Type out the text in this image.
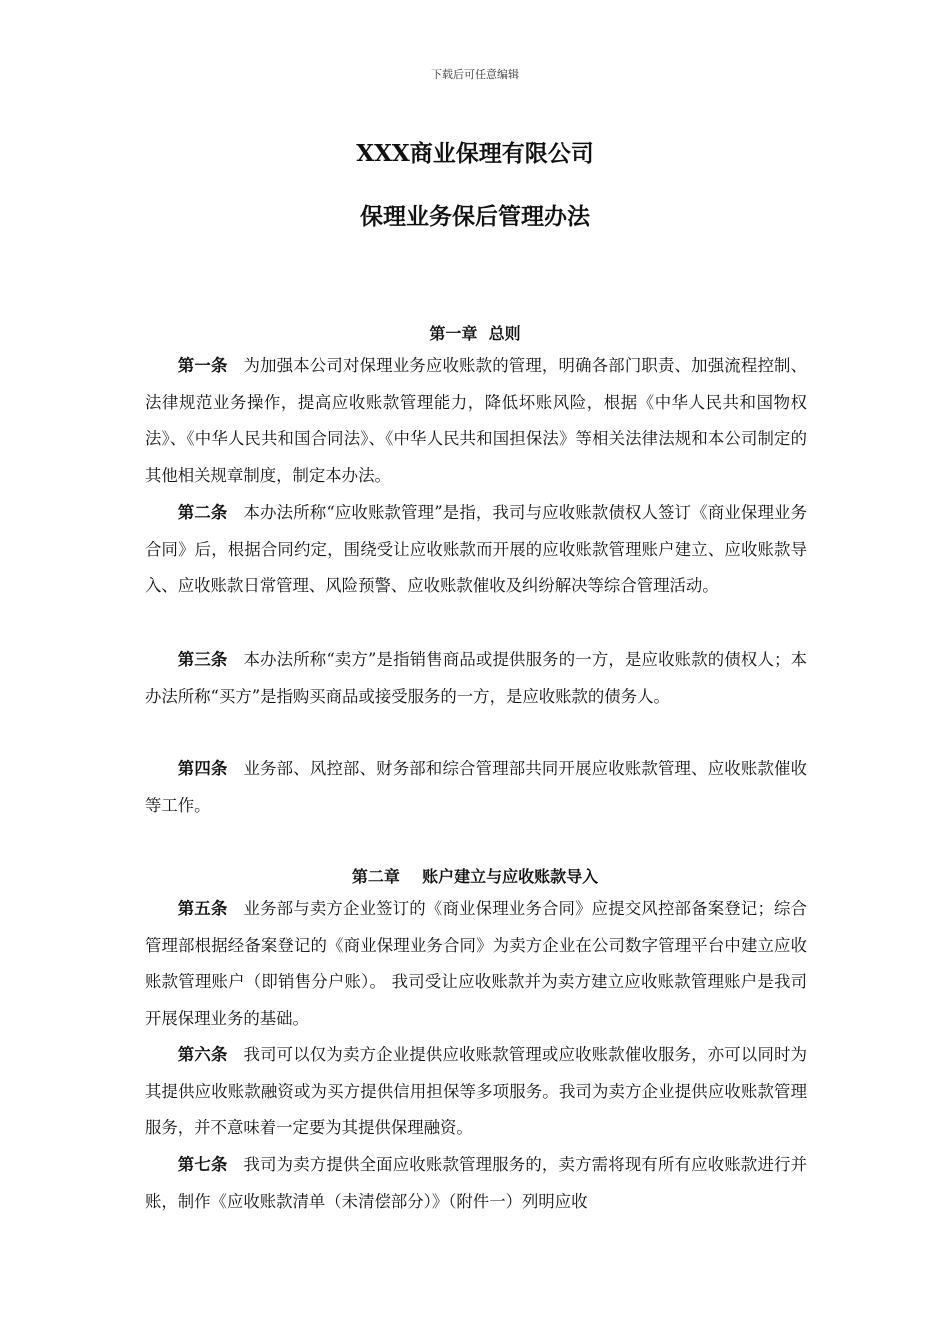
下载后可任意编辑
XXX商业保理有限公司
保理业务保后管理办法
第一章  总则

第一条 为加强本公司对保理业务应收账款的管理，明确各部门职责、加强流程控制、法律规范业务操作，提高应收账款管理能力，降低坏账风险，根据《中华人民共和国物权法》、《中华人民共和国合同法》、《中华人民共和国担保法》等相关法律法规和本公司制定的其他相关规章制度，制定本办法。

第二条 本办法所称“应收账款管理”是指，我司与应收账款债权人签订《商业保理业务合同》后，根据合同约定，围绕受让应收账款而开展的应收账款管理账户建立、应收账款导入、应收账款日常管理、风险预警、应收账款催收及纠纷解决等综合管理活动。

第三条 本办法所称“卖方”是指销售商品或提供服务的一方，是应收账款的债权人；本办法所称“买方”是指购买商品或接受服务的一方，是应收账款的债务人。

第四条 业务部、风控部、财务部和综合管理部共同开展应收账款管理、应收账款催收等工作。

第二章    账户建立与应收账款导入

第五条 业务部与卖方企业签订的《商业保理业务合同》应提交风控部备案登记；综合管理部根据经备案登记的《商业保理业务合同》为卖方企业在公司数字管理平台中建立应收账款管理账户（即销售分户账）。 我司受让应收账款并为卖方建立应收账款管理账户是我司开展保理业务的基础。

第六条 我司可以仅为卖方企业提供应收账款管理或应收账款催收服务，亦可以同时为其提供应收账款融资或为买方提供信用担保等多项服务。我司为卖方企业提供应收账款管理服务，并不意味着一定要为其提供保理融资。

第七条 我司为卖方提供全面应收账款管理服务的，卖方需将现有所有应收账款进行并账，制作《应收账款清单（未清偿部分）》（附件一）列明应收
